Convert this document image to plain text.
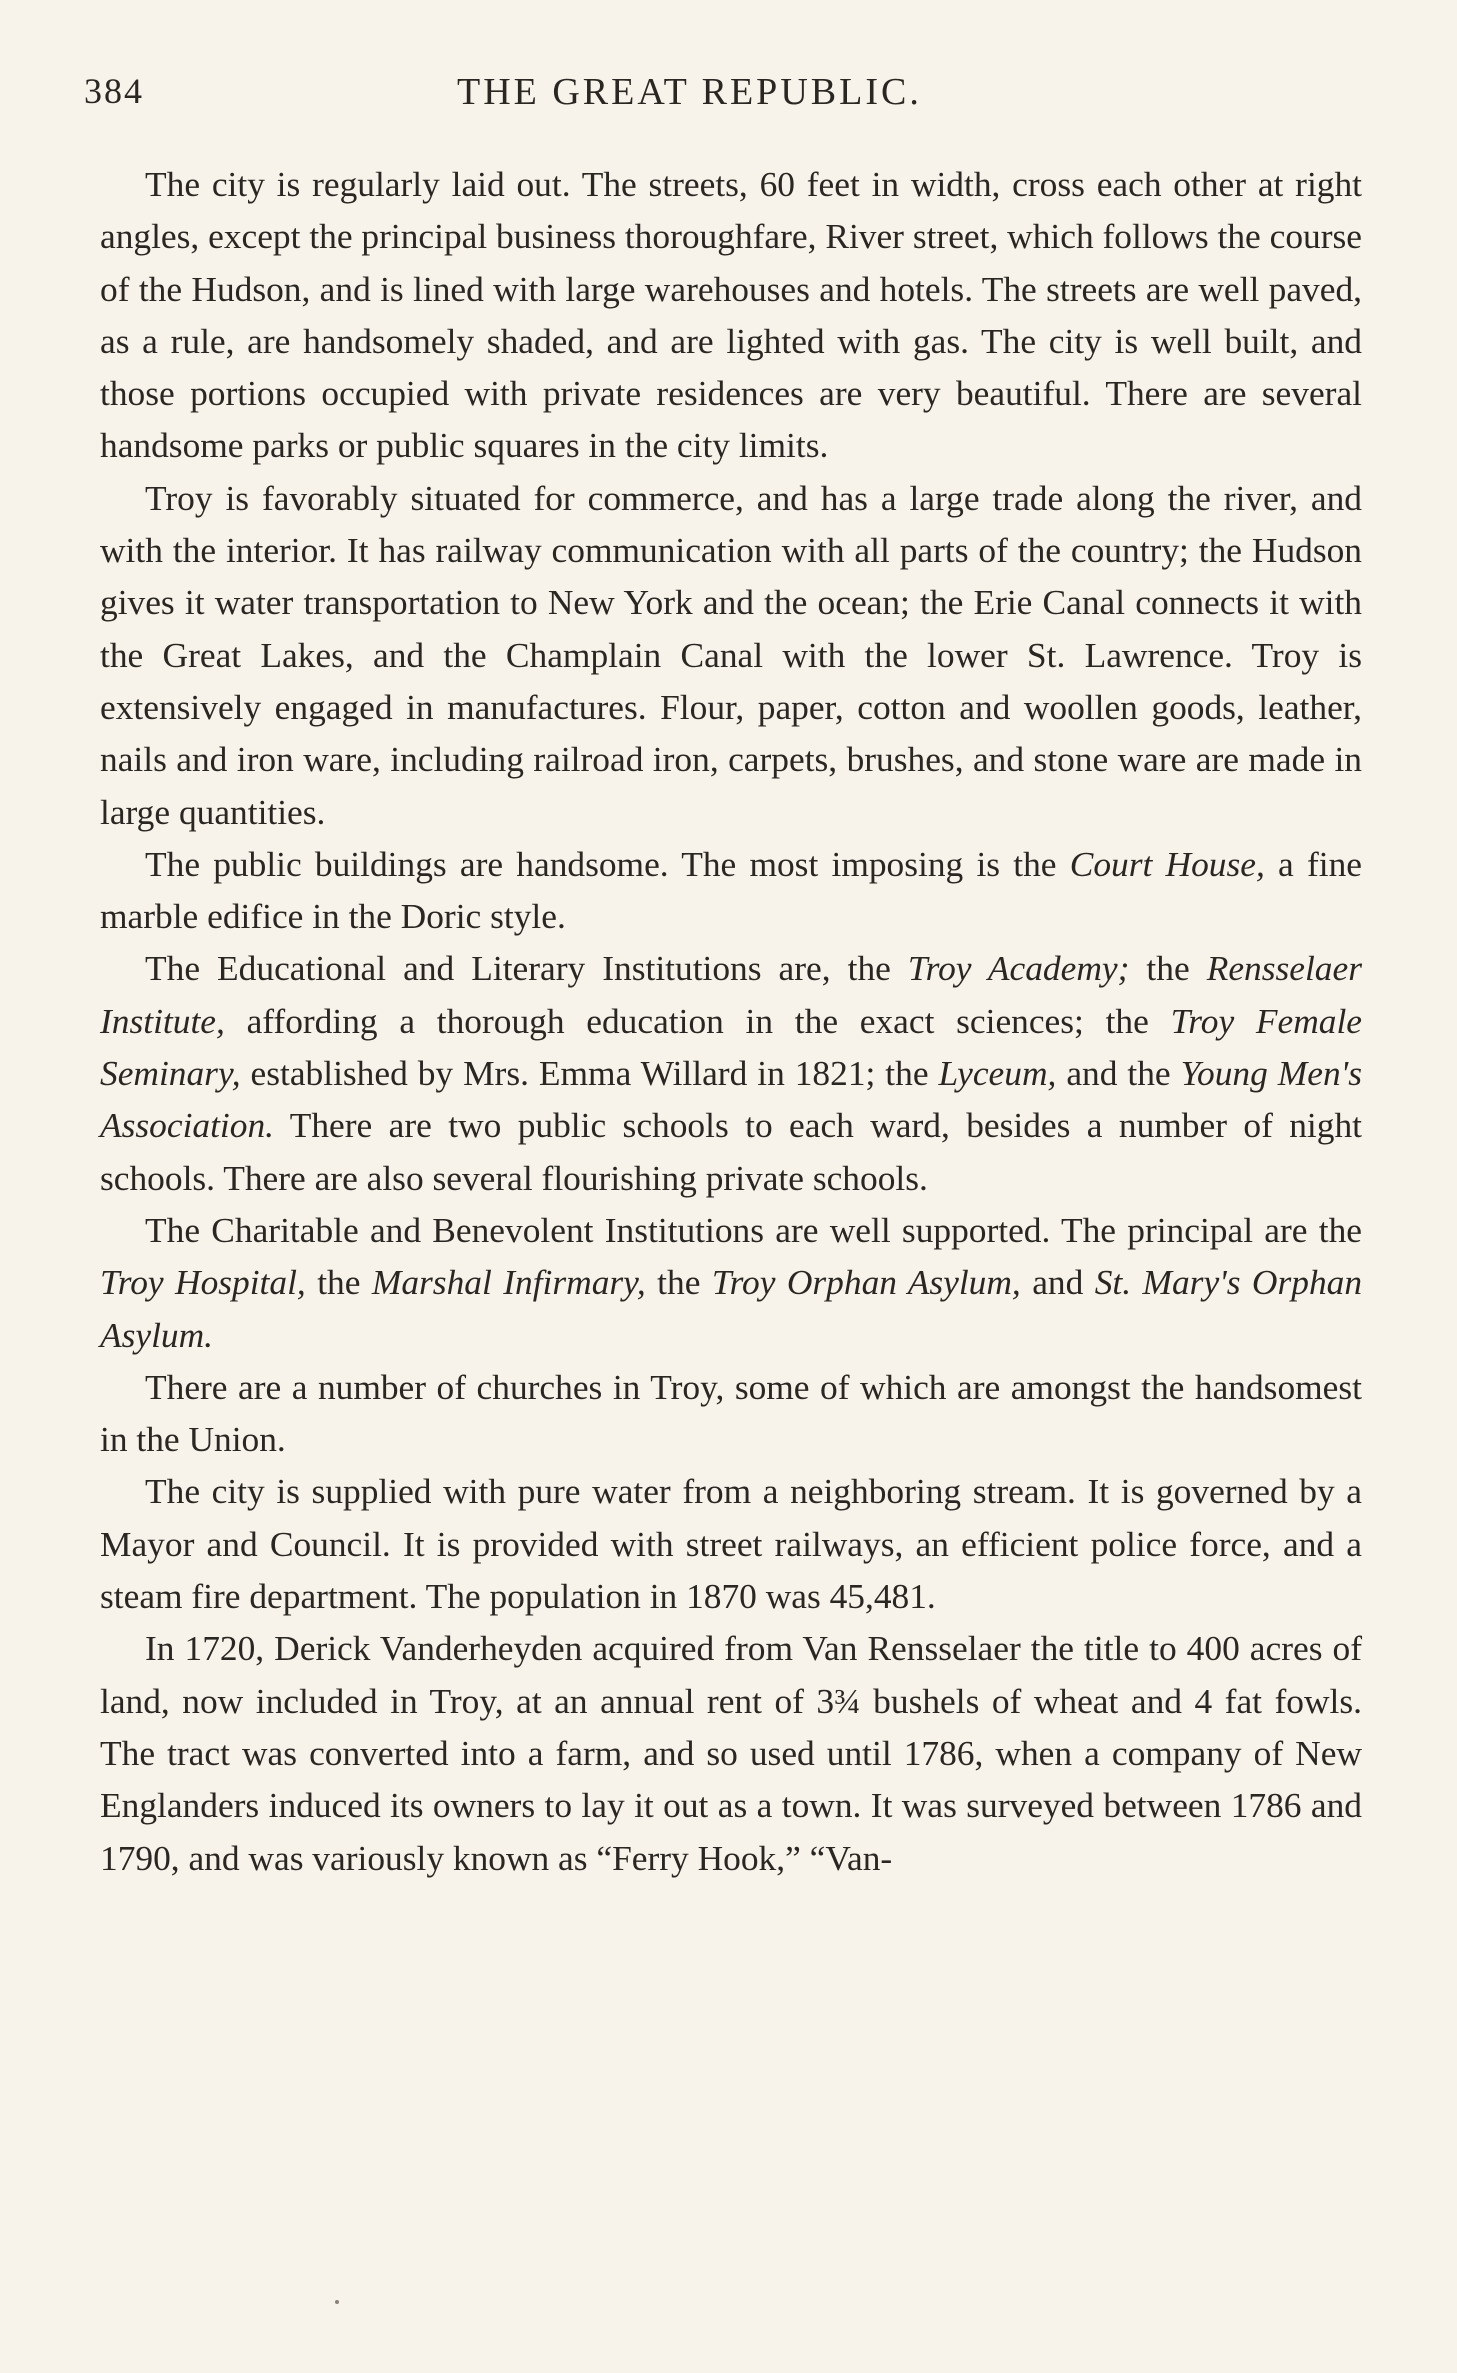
384	THE GREAT REPUBLIC.

The city is regularly laid out. The streets, 60 feet in width, cross each other at right angles, except the principal business thoroughfare, River street, which follows the course of the Hudson, and is lined with large warehouses and hotels. The streets are well paved, as a rule, are handsomely shaded, and are lighted with gas. The city is well built, and those portions occupied with private residences are very beautiful. There are several handsome parks or public squares in the city limits.

Troy is favorably situated for commerce, and has a large trade along the river, and with the interior. It has railway communication with all parts of the country; the Hudson gives it water transportation to New York and the ocean; the Erie Canal connects it with the Great Lakes, and the Champlain Canal with the lower St. Lawrence. Troy is extensively engaged in manufactures. Flour, paper, cotton and woollen goods, leather, nails and iron ware, including railroad iron, carpets, brushes, and stone ware are made in large quantities.

The public buildings are handsome. The most imposing is the Court House, a fine marble edifice in the Doric style.

The Educational and Literary Institutions are, the Troy Academy; the Rensselaer Institute, affording a thorough education in the exact sciences; the Troy Female Seminary, established by Mrs. Emma Willard in 1821; the Lyceum, and the Young Men's Association. There are two public schools to each ward, besides a number of night schools. There are also several flourishing private schools.

The Charitable and Benevolent Institutions are well supported. The principal are the Troy Hospital, the Marshal Infirmary, the Troy Orphan Asylum, and St. Mary's Orphan Asylum.

There are a number of churches in Troy, some of which are amongst the handsomest in the Union.

The city is supplied with pure water from a neighboring stream. It is governed by a Mayor and Council. It is provided with street railways, an efficient police force, and a steam fire department. The population in 1870 was 45,481.

In 1720, Derick Vanderheyden acquired from Van Rensselaer the title to 400 acres of land, now included in Troy, at an annual rent of 3¾ bushels of wheat and 4 fat fowls. The tract was converted into a farm, and so used until 1786, when a company of New Englanders induced its owners to lay it out as a town. It was surveyed between 1786 and 1790, and was variously known as “Ferry Hook,” “Van-
